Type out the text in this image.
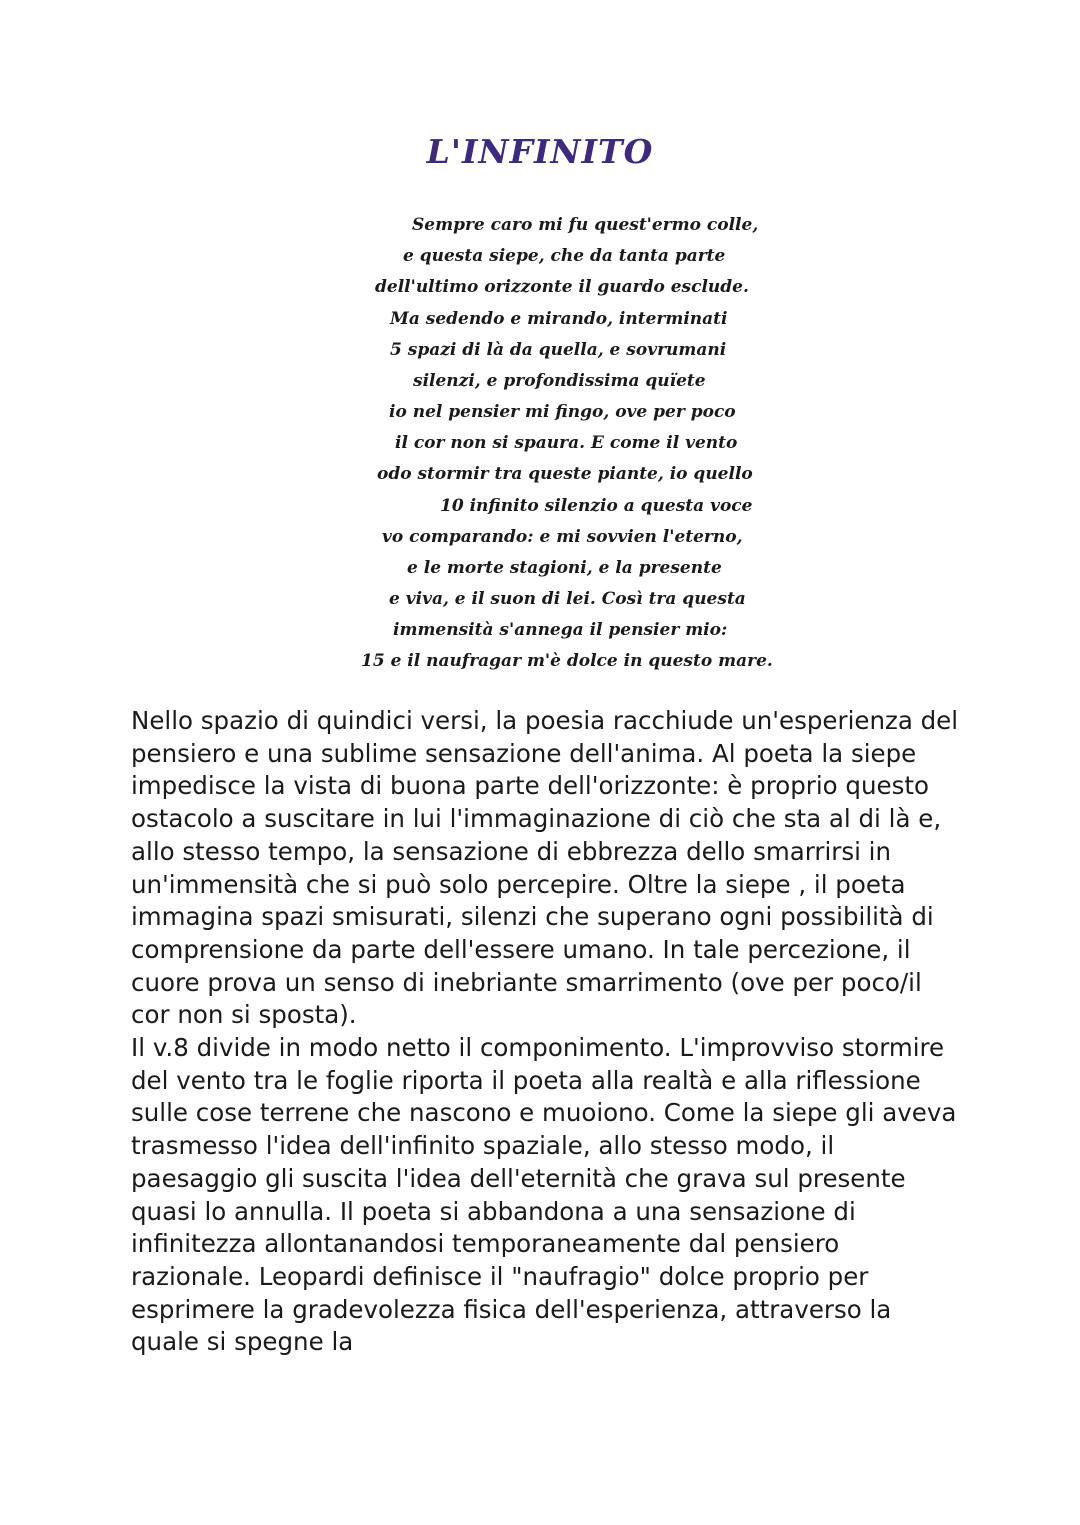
L'INFINITO
Sempre caro mi fu quest'ermo colle,
e questa siepe, che da tanta parte
dell'ultimo orizzonte il guardo esclude.
Ma sedendo e mirando, interminati
5 spazi di là da quella, e sovrumani
silenzi, e profondissima quïete
io nel pensier mi fingo, ove per poco
il cor non si spaura. E come il vento
odo stormir tra queste piante, io quello
10 infinito silenzio a questa voce
vo comparando: e mi sovvien l'eterno,
e le morte stagioni, e la presente
e viva, e il suon di lei. Così tra questa
immensità s'annega il pensier mio:
15 e il naufragar m'è dolce in questo mare.

Nello spazio di quindici versi, la poesia racchiude un'esperienza del pensiero e una sublime sensazione dell'anima. Al poeta la siepe impedisce la vista di buona parte dell'orizzonte: è proprio questo ostacolo a suscitare in lui l'immaginazione di ciò che sta al di là e, allo stesso tempo, la sensazione di ebbrezza dello smarrirsi in un'immensità che si può solo percepire. Oltre la siepe , il poeta immagina spazi smisurati, silenzi che superano ogni possibilità di comprensione da parte dell'essere umano. In tale percezione, il cuore prova un senso di inebriante smarrimento (ove per poco/il cor non si sposta).

Il v.8 divide in modo netto il componimento. L'improvviso stormire del vento tra le foglie riporta il poeta alla realtà e alla riflessione sulle cose terrene che nascono e muoiono. Come la siepe gli aveva trasmesso l'idea dell'infinito spaziale, allo stesso modo, il paesaggio gli suscita l'idea dell'eternità che grava sul presente quasi lo annulla. Il poeta si abbandona a una sensazione di infinitezza allontanandosi temporaneamente dal pensiero razionale. Leopardi definisce il "naufragio" dolce proprio per esprimere la gradevolezza fisica dell'esperienza, attraverso la quale si spegne la
